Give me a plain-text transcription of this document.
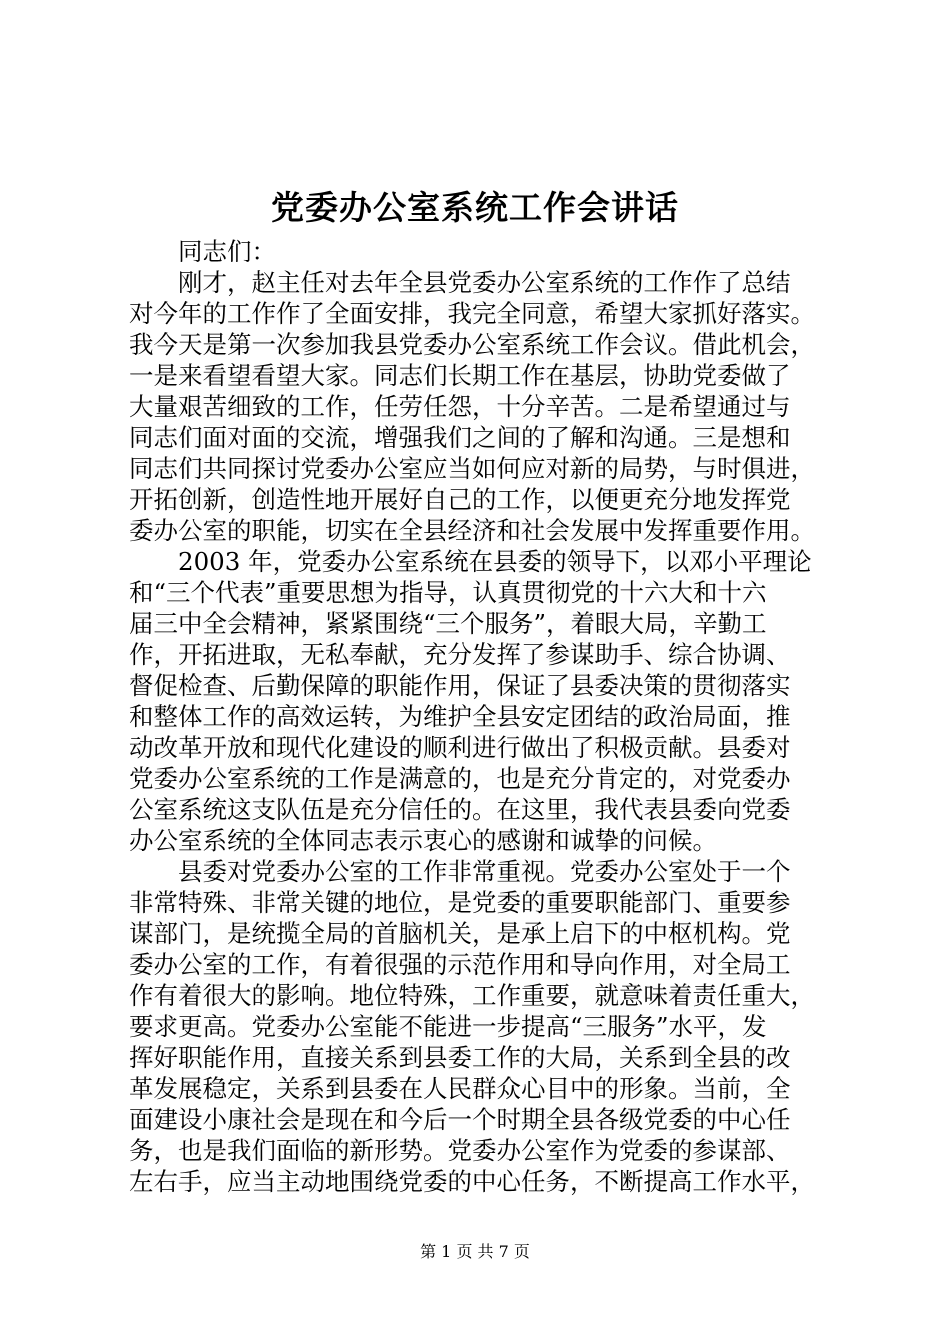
党委办公室系统工作会讲话
同志们：
刚才，赵主任对去年全县党委办公室系统的工作作了总结
对今年的工作作了全面安排，我完全同意，希望大家抓好落实。
我今天是第一次参加我县党委办公室系统工作会议。借此机会，
一是来看望看望大家。同志们长期工作在基层，协助党委做了
大量艰苦细致的工作，任劳任怨，十分辛苦。二是希望通过与
同志们面对面的交流，增强我们之间的了解和沟通。三是想和
同志们共同探讨党委办公室应当如何应对新的局势，与时俱进，
开拓创新，创造性地开展好自己的工作，以便更充分地发挥党
委办公室的职能，切实在全县经济和社会发展中发挥重要作用。
2003 年，党委办公室系统在县委的领导下，以邓小平理论
和“三个代表”重要思想为指导，认真贯彻党的十六大和十六
届三中全会精神，紧紧围绕“三个服务”，着眼大局，辛勤工
作，开拓进取，无私奉献，充分发挥了参谋助手、综合协调、
督促检查、后勤保障的职能作用，保证了县委决策的贯彻落实
和整体工作的高效运转，为维护全县安定团结的政治局面，推
动改革开放和现代化建设的顺利进行做出了积极贡献。县委对
党委办公室系统的工作是满意的，也是充分肯定的，对党委办
公室系统这支队伍是充分信任的。在这里，我代表县委向党委
办公室系统的全体同志表示衷心的感谢和诚挚的问候。
县委对党委办公室的工作非常重视。党委办公室处于一个
非常特殊、非常关键的地位，是党委的重要职能部门、重要参
谋部门，是统揽全局的首脑机关，是承上启下的中枢机构。党
委办公室的工作，有着很强的示范作用和导向作用，对全局工
作有着很大的影响。地位特殊，工作重要，就意味着责任重大，
要求更高。党委办公室能不能进一步提高“三服务”水平，发
挥好职能作用，直接关系到县委工作的大局，关系到全县的改
革发展稳定，关系到县委在人民群众心目中的形象。当前，全
面建设小康社会是现在和今后一个时期全县各级党委的中心任
务，也是我们面临的新形势。党委办公室作为党委的参谋部、
左右手，应当主动地围绕党委的中心任务，不断提高工作水平，
第 1 页 共 7 页
